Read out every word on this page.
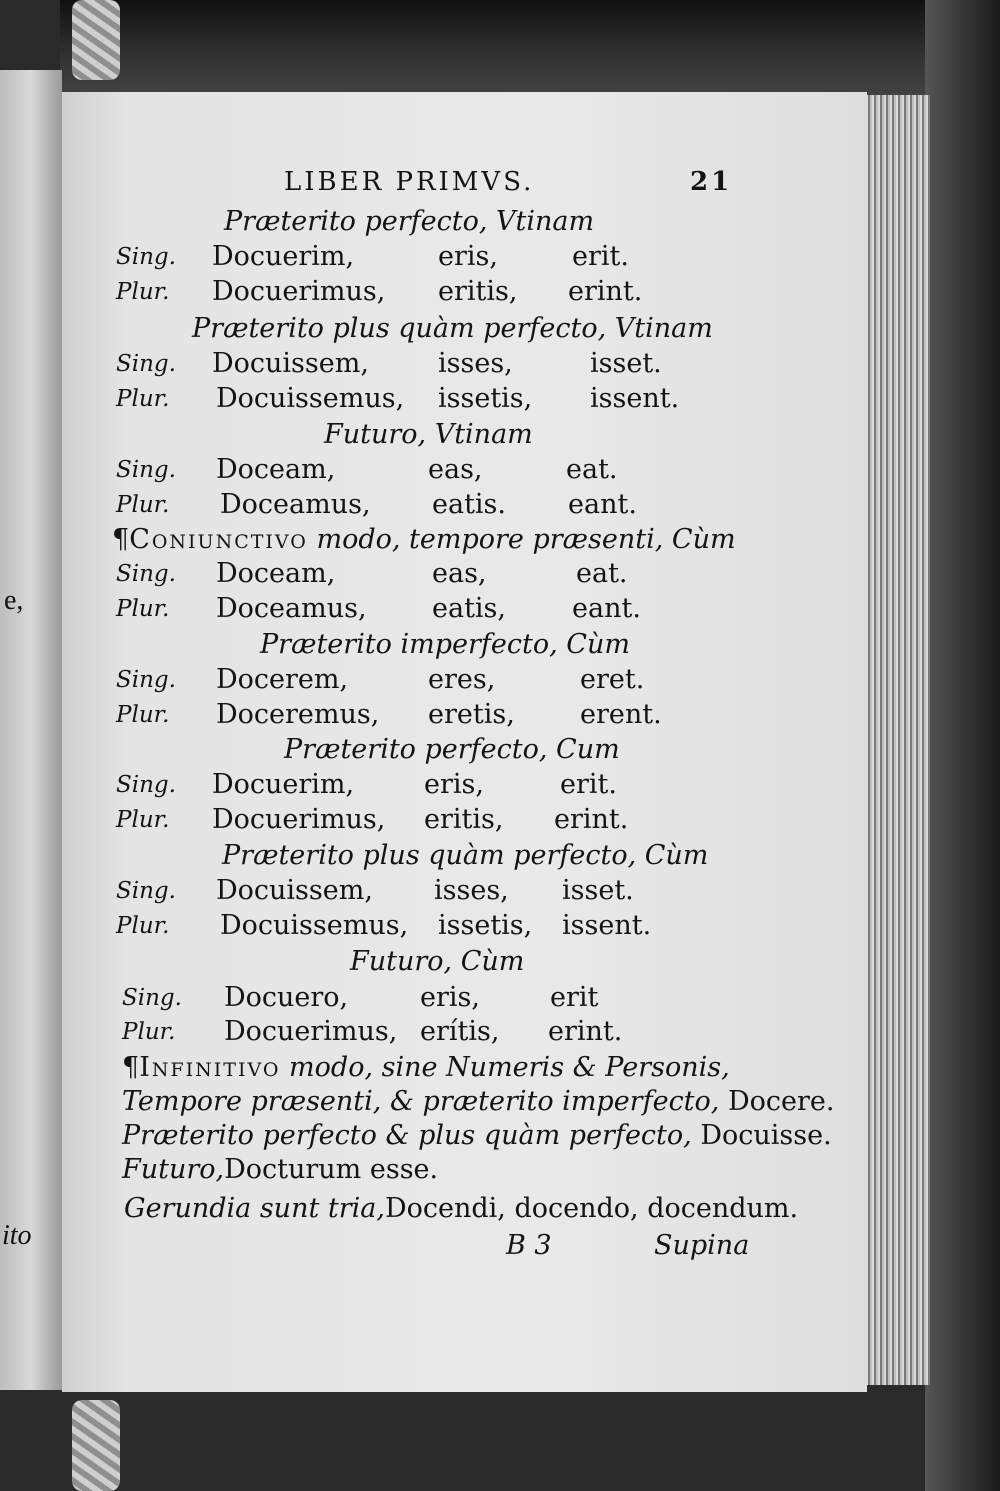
e,
ito
LIBER PRIMVS.	21
Præterito perfecto, Vtinam
Sing. Docuerim,	eris,	erit.
Plur. Docuerimus, eritis, erint.
Præterito plus quàm perfecto, Vtinam
Sing. Docuissem,	isses,	isset.
Plur. Docuissemus, issetis, issent.
Futuro, Vtinam
Sing. Doceam,	eas,	eat.
Plur. Doceamus, eatis. eant.
¶Coniunctivo modo, tempore præsenti, Cùm
Sing. Doceam,	eas,	eat.
Plur. Doceamus, eatis, eant.
Præterito imperfecto, Cùm
Sing. Docerem,	eres,	eret.
Plur. Doceremus, eretis, erent.
Præterito perfecto, Cum
Sing. Docuerim,	eris,	erit.
Plur. Docuerimus, eritis, erint.
Præterito plus quàm perfecto, Cùm
Sing. Docuissem, isses, isset.
Plur. Docuissemus, issetis, issent.
Futuro, Cùm
Sing. Docuero,	eris,	erit
Plur. Docuerimus, erítis, erint.
¶Infinitivo modo, sine Numeris & Personis,
Tempore præsenti, & præterito imperfecto, Docere.
Præterito perfecto & plus quàm perfecto, Docuisse.
Futuro,Docturum esse.
Gerundia sunt tria,Docendi, docendo, docendum.
B 3	Supina
